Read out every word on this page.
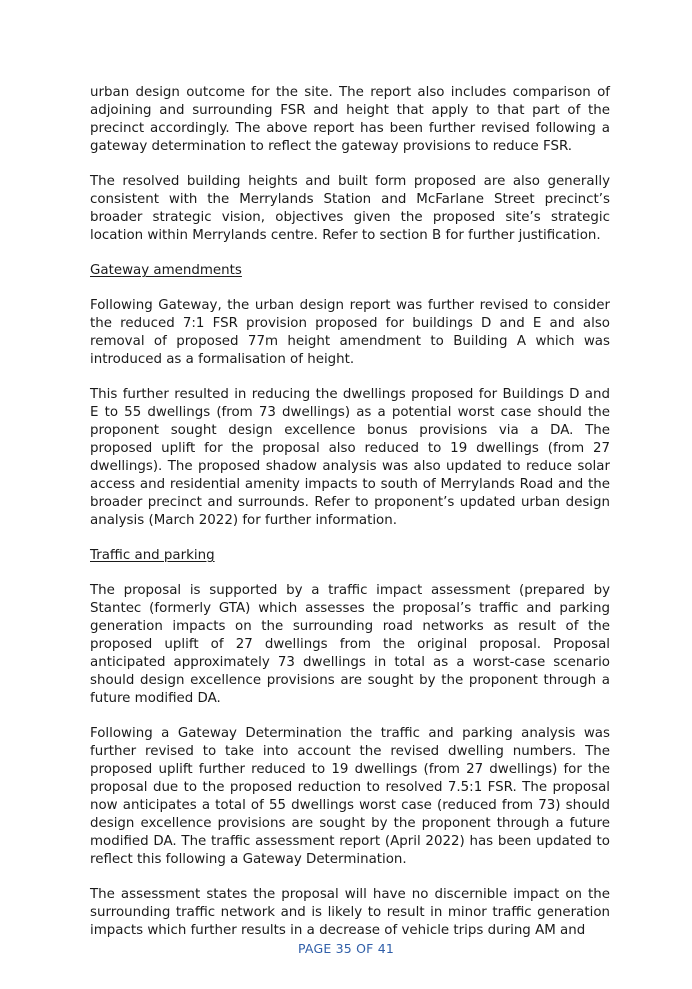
urban design outcome for the site. The report also includes comparison of adjoining and surrounding FSR and height that apply to that part of the precinct accordingly. The above report has been further revised following a gateway determination to reflect the gateway provisions to reduce FSR.

The resolved building heights and built form proposed are also generally consistent with the Merrylands Station and McFarlane Street precinct’s broader strategic vision, objectives given the proposed site’s strategic location within Merrylands centre. Refer to section B for further justification.

Gateway amendments

Following Gateway, the urban design report was further revised to consider the reduced 7:1 FSR provision proposed for buildings D and E and also removal of proposed 77m height amendment to Building A which was introduced as a formalisation of height.

This further resulted in reducing the dwellings proposed for Buildings D and E to 55 dwellings (from 73 dwellings) as a potential worst case should the proponent sought design excellence bonus provisions via a DA. The proposed uplift for the proposal also reduced to 19 dwellings (from 27 dwellings). The proposed shadow analysis was also updated to reduce solar access and residential amenity impacts to south of Merrylands Road and the broader precinct and surrounds. Refer to proponent’s updated urban design analysis (March 2022) for further information.

Traffic and parking

The proposal is supported by a traffic impact assessment (prepared by Stantec (formerly GTA) which assesses the proposal’s traffic and parking generation impacts on the surrounding road networks as result of the proposed uplift of 27 dwellings from the original proposal. Proposal anticipated approximately 73 dwellings in total as a worst-case scenario should design excellence provisions are sought by the proponent through a future modified DA.

Following a Gateway Determination the traffic and parking analysis was further revised to take into account the revised dwelling numbers. The proposed uplift further reduced to 19 dwellings (from 27 dwellings) for the proposal due to the proposed reduction to resolved 7.5:1 FSR. The proposal now anticipates a total of 55 dwellings worst case (reduced from 73) should design excellence provisions are sought by the proponent through a future modified DA. The traffic assessment report (April 2022) has been updated to reflect this following a Gateway Determination.

The assessment states the proposal will have no discernible impact on the surrounding traffic network and is likely to result in minor traffic generation impacts which further results in a decrease of vehicle trips during AM and

PAGE 35 OF 41
